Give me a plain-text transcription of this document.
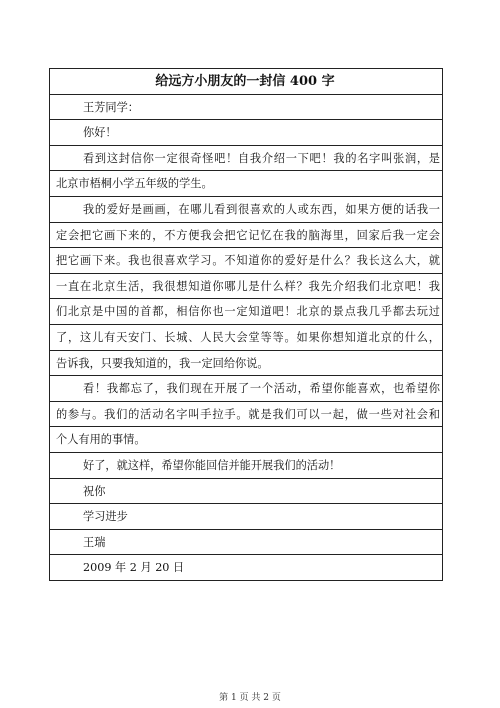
给远方小朋友的一封信 400 字
王芳同学：
你好！
看到这封信你一定很奇怪吧！自我介绍一下吧！我的名字叫张润，是
北京市梧桐小学五年级的学生。
我的爱好是画画，在哪儿看到很喜欢的人或东西，如果方便的话我一
定会把它画下来的，不方便我会把它记忆在我的脑海里，回家后我一定会
把它画下来。我也很喜欢学习。不知道你的爱好是什么？我长这么大，就
一直在北京生活，我很想知道你哪儿是什么样？我先介绍我们北京吧！我
们北京是中国的首都，相信你也一定知道吧！北京的景点我几乎都去玩过
了，这儿有天安门、长城、人民大会堂等等。如果你想知道北京的什么，
告诉我，只要我知道的，我一定回给你说。
看！我都忘了，我们现在开展了一个活动，希望你能喜欢，也希望你
的参与。我们的活动名字叫手拉手。就是我们可以一起，做一些对社会和
个人有用的事情。
好了，就这样，希望你能回信并能开展我们的活动！
祝你
学习进步
王瑞
2009 年 2 月 20 日
第 1 页 共 2 页
